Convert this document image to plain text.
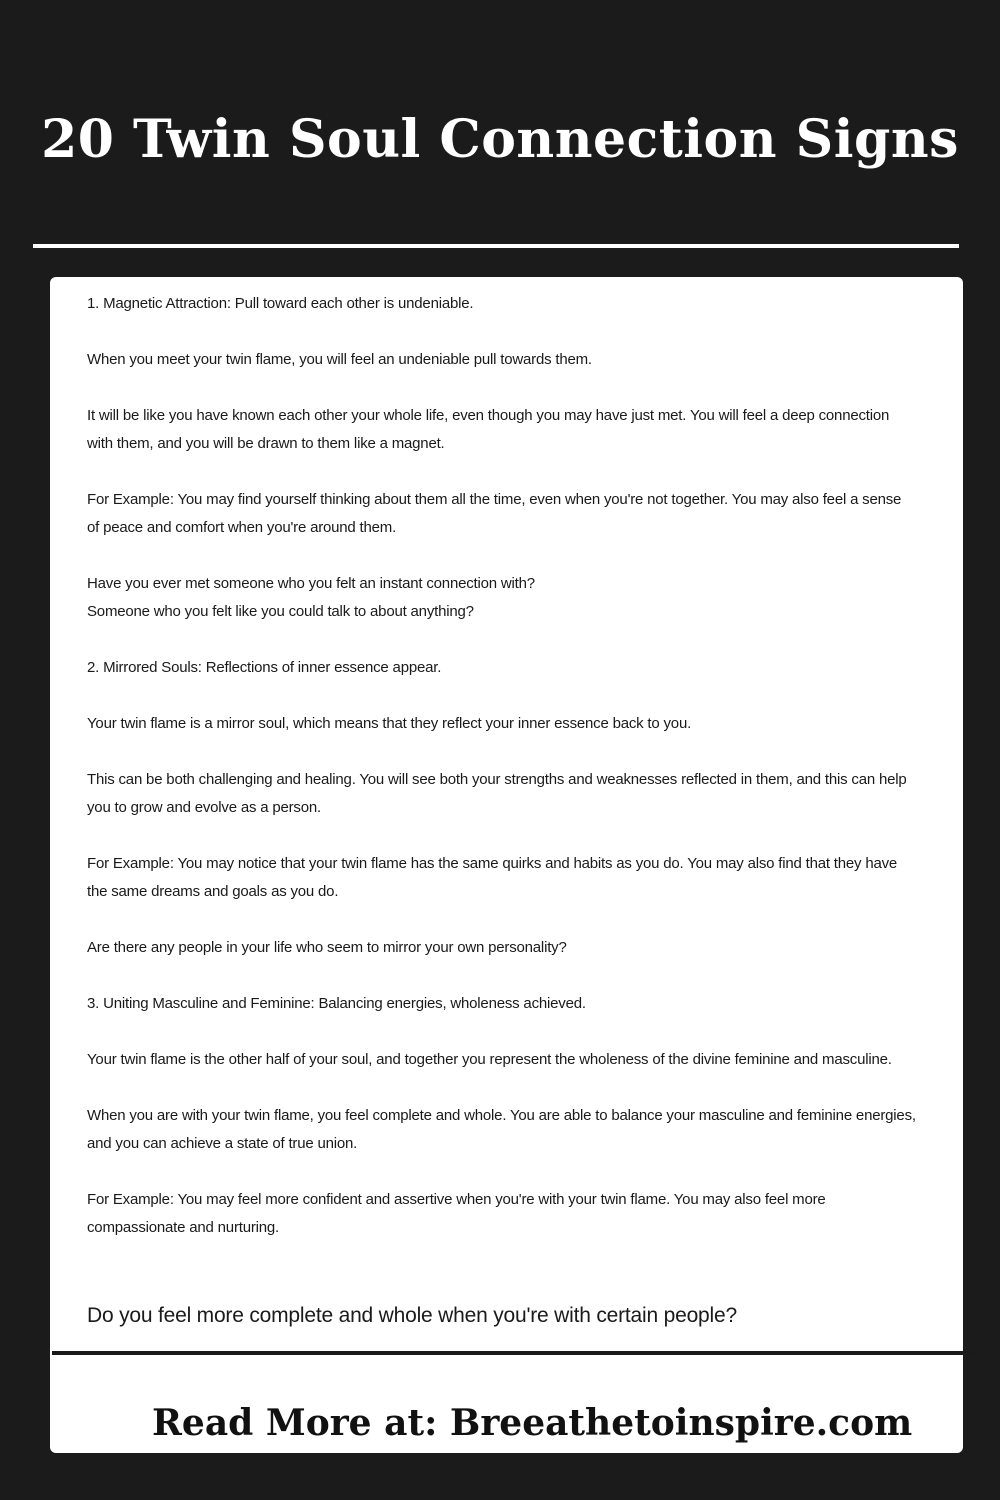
20 Twin Soul Connection Signs

1. Magnetic Attraction: Pull toward each other is undeniable.

When you meet your twin flame, you will feel an undeniable pull towards them.

It will be like you have known each other your whole life, even though you may have just met. You will feel a deep connection with them, and you will be drawn to them like a magnet.

For Example: You may find yourself thinking about them all the time, even when you're not together. You may also feel a sense of peace and comfort when you're around them.

Have you ever met someone who you felt an instant connection with?
Someone who you felt like you could talk to about anything?

2. Mirrored Souls: Reflections of inner essence appear.

Your twin flame is a mirror soul, which means that they reflect your inner essence back to you.

This can be both challenging and healing. You will see both your strengths and weaknesses reflected in them, and this can help you to grow and evolve as a person.

For Example: You may notice that your twin flame has the same quirks and habits as you do. You may also find that they have the same dreams and goals as you do.

Are there any people in your life who seem to mirror your own personality?

3. Uniting Masculine and Feminine: Balancing energies, wholeness achieved.

Your twin flame is the other half of your soul, and together you represent the wholeness of the divine feminine and masculine.

When you are with your twin flame, you feel complete and whole. You are able to balance your masculine and feminine energies, and you can achieve a state of true union.

For Example: You may feel more confident and assertive when you're with your twin flame. You may also feel more compassionate and nurturing.

Do you feel more complete and whole when you're with certain people?

Read More at: Breeathetoinspire.com
